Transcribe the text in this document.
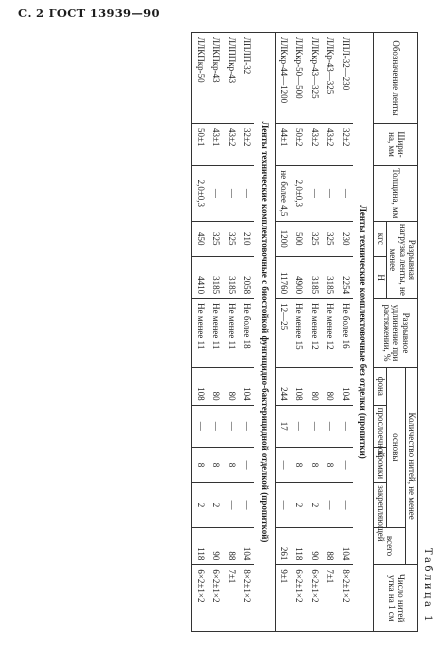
С. 2 ГОСТ 13939—90
Таблица 1
Обозначение ленты	Шири-на, мм	Толщина, мм	Разрывная нагрузка ленты, не менее		Разрывное удлинение при растяжении, %	Количество нитей, не менее					Число нитей утка на 1 см
						основы				всего	
			кгс	Н		фона	прослоечной	кромки	закрепляющей		
Ленты технические комплектовочные без отделки (пропитки)											
ЛПЛ-32—230	32±2	—	230	2254	Не более 16	104	—	—	—	104	8×2±1×2
ЛЛКр-43—325	43±2	—	325	3185	Не менее 12	80	—	8	—	88	7±1
ЛЛКкр-43—325	43±2	—	325	3185	Не менее 12	80	—	8	2	90	6×2±1×2
ЛЛКкр-50—500	50±2	2,0±0,3	500	4900	Не менее 15	108	—	8	2	118	6×2±1×2
ЛЛКкр-44—1200	44±1	не более 4,5	1200	11760	12—25	244	17	—	—	261	9±1
Ленты технические комплектовочные с биостойкой фунгицидно-бактерицидной отделкой (пропиткой)											
ЛПЛП-32	32±2	—	210	2058	Не более 18	104	—	—	—	104	8×2±1×2
ЛЛППкр-43	43±2	—	325	3185	Не менее 11	80	—	8	—	88	7±1
ЛЛКПкр-43	43±1	—	325	3185	Не менее 11	80	—	8	2	90	6×2±1×2
ЛЛКПкр-50	50±1	2,0±0,3	450	4410	Не менее 11	108	—	8	2	118	6×2±1×2
